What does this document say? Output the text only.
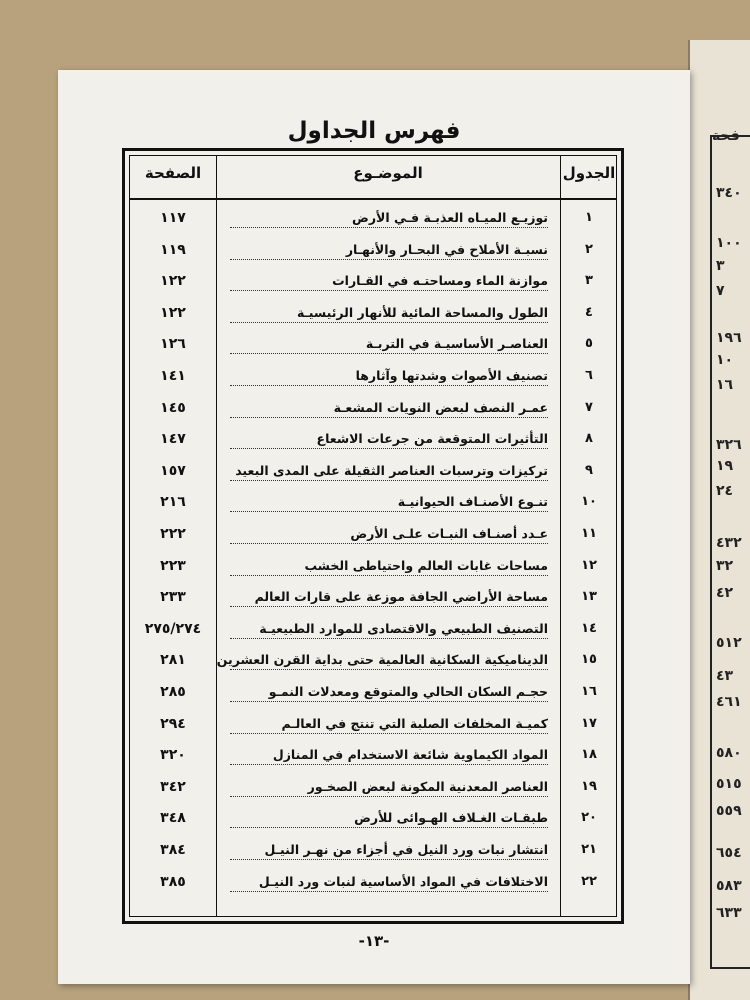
فحة
٣٤٠
١٠٠
٣
٧
١٩٦
١٠
١٦
٣٢٦
١٩
٢٤
٤٣٢
٣٢
٤٢
٥١٢
٤٣
٤٦١
٥٨٠
٥١٥
٥٥٩
٦٥٤
٥٨٣
٦٣٣
فهرس الجداول
الصفحة	الموضـوع	الجدول
١١٧	توزيـع الميـاه العذبـة فـي الأرض	١
١١٩	نسبـة الأملاح في البحـار والأنهـار	٢
١٢٢	موازنة الماء ومساحتـه في القـارات	٣
١٢٢	الطول والمساحة المائية للأنهار الرئيسيـة	٤
١٢٦	العناصـر الأساسيـة في التربـة	٥
١٤١	تصنيف الأصوات وشدتها وآثارها	٦
١٤٥	عمـر النصف لبعض النويات المشعـة	٧
١٤٧	التأثيرات المتوقعة من جرعات الاشعاع	٨
١٥٧	تركيزات وترسبات العناصر الثقيلة على المدى البعيد	٩
٢١٦	تنـوع الأصنـاف الحيوانيـة	١٠
٢٢٢	عـدد أصنـاف النبـات علـى الأرض	١١
٢٢٣	مساحات غابات العالم واحتياطى الخشب	١٢
٢٣٣	مساحة الأراضي الجافة موزعة على قارات العالم	١٣
٢٧٥/٢٧٤	التصنيف الطبيعي والاقتصادى للموارد الطبيعيـة	١٤
٢٨١	الديناميكية السكانية العالمية حتى بداية القرن العشرين	١٥
٢٨٥	حجـم السكان الحالي والمتوقع ومعدلات النمـو	١٦
٢٩٤	كميـة المخلفات الصلبة التي تنتج في العالـم	١٧
٣٢٠	المواد الكيماوية شائعة الاستخدام في المنازل	١٨
٣٤٢	العناصر المعدنية المكونة لبعض الصخـور	١٩
٣٤٨	طبقـات الغـلاف الهـوائى للأرض	٢٠
٣٨٤	انتشار نبات ورد النيل في أجزاء من نهـر النيـل	٢١
٣٨٥	الاختلافات في المواد الأساسية لنبات ورد النيـل	٢٢
-١٣-
